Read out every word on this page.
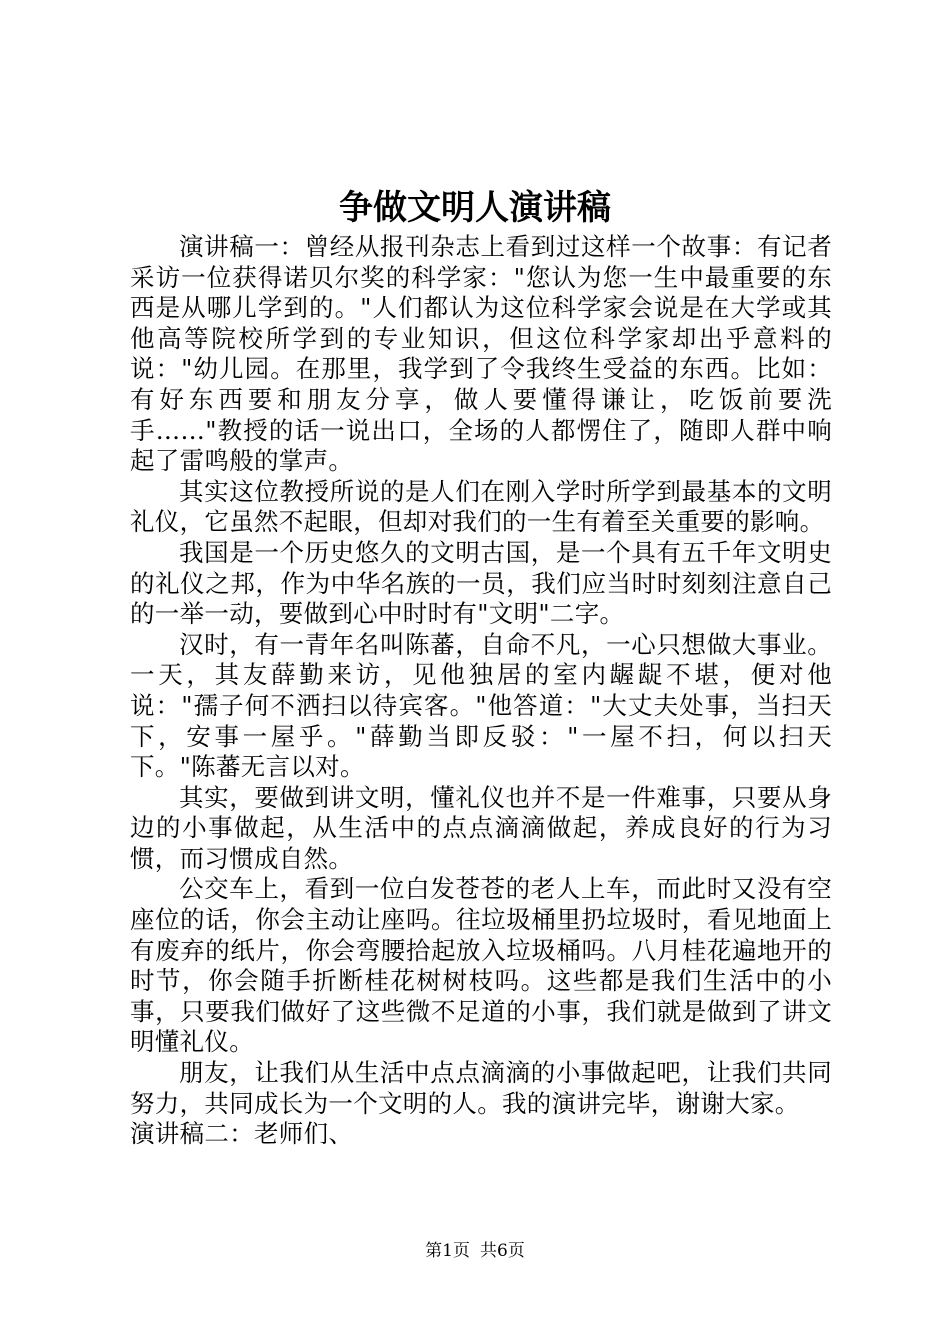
争做文明人演讲稿

演讲稿一：曾经从报刊杂志上看到过这样一个故事：有记者采访一位获得诺贝尔奖的科学家："您认为您一生中最重要的东西是从哪儿学到的。"人们都认为这位科学家会说是在大学或其他高等院校所学到的专业知识，但这位科学家却出乎意料的说："幼儿园。在那里，我学到了令我终生受益的东西。比如：有好东西要和朋友分享，做人要懂得谦让，吃饭前要洗手……"教授的话一说出口，全场的人都愣住了，随即人群中响起了雷鸣般的掌声。

其实这位教授所说的是人们在刚入学时所学到最基本的文明礼仪，它虽然不起眼，但却对我们的一生有着至关重要的影响。

我国是一个历史悠久的文明古国，是一个具有五千年文明史的礼仪之邦，作为中华名族的一员，我们应当时时刻刻注意自己的一举一动，要做到心中时时有"文明"二字。

汉时，有一青年名叫陈蕃，自命不凡，一心只想做大事业。一天，其友薛勤来访，见他独居的室内龌龊不堪，便对他说："孺子何不洒扫以待宾客。"他答道："大丈夫处事，当扫天下，安事一屋乎。"薛勤当即反驳："一屋不扫，何以扫天下。"陈蕃无言以对。

其实，要做到讲文明，懂礼仪也并不是一件难事，只要从身边的小事做起，从生活中的点点滴滴做起，养成良好的行为习惯，而习惯成自然。

公交车上，看到一位白发苍苍的老人上车，而此时又没有空座位的话，你会主动让座吗。往垃圾桶里扔垃圾时，看见地面上有废弃的纸片，你会弯腰拾起放入垃圾桶吗。八月桂花遍地开的时节，你会随手折断桂花树树枝吗。这些都是我们生活中的小事，只要我们做好了这些微不足道的小事，我们就是做到了讲文明懂礼仪。

朋友，让我们从生活中点点滴滴的小事做起吧，让我们共同努力，共同成长为一个文明的人。我的演讲完毕，谢谢大家。

演讲稿二：老师们、

第1页 共6页
